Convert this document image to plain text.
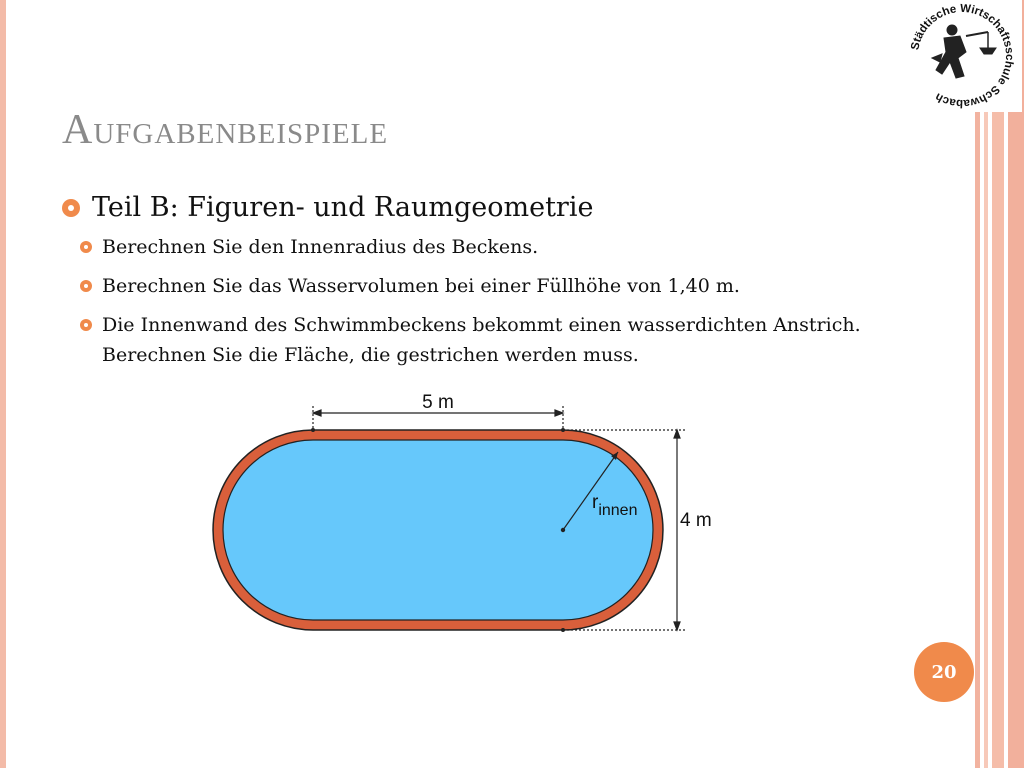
Städtische Wirtschaftsschule Schwabach
Aufgabenbeispiele
Teil B: Figuren- und Raumgeometrie
Berechnen Sie den Innenradius des Beckens.
Berechnen Sie das Wasservolumen bei einer Füllhöhe von 1,40 m.
Die Innenwand des Schwimmbeckens bekommt einen wasserdichten Anstrich. Berechnen Sie die Fläche, die gestrichen werden muss.
5 m
4 m
$r_{innen}$
20
